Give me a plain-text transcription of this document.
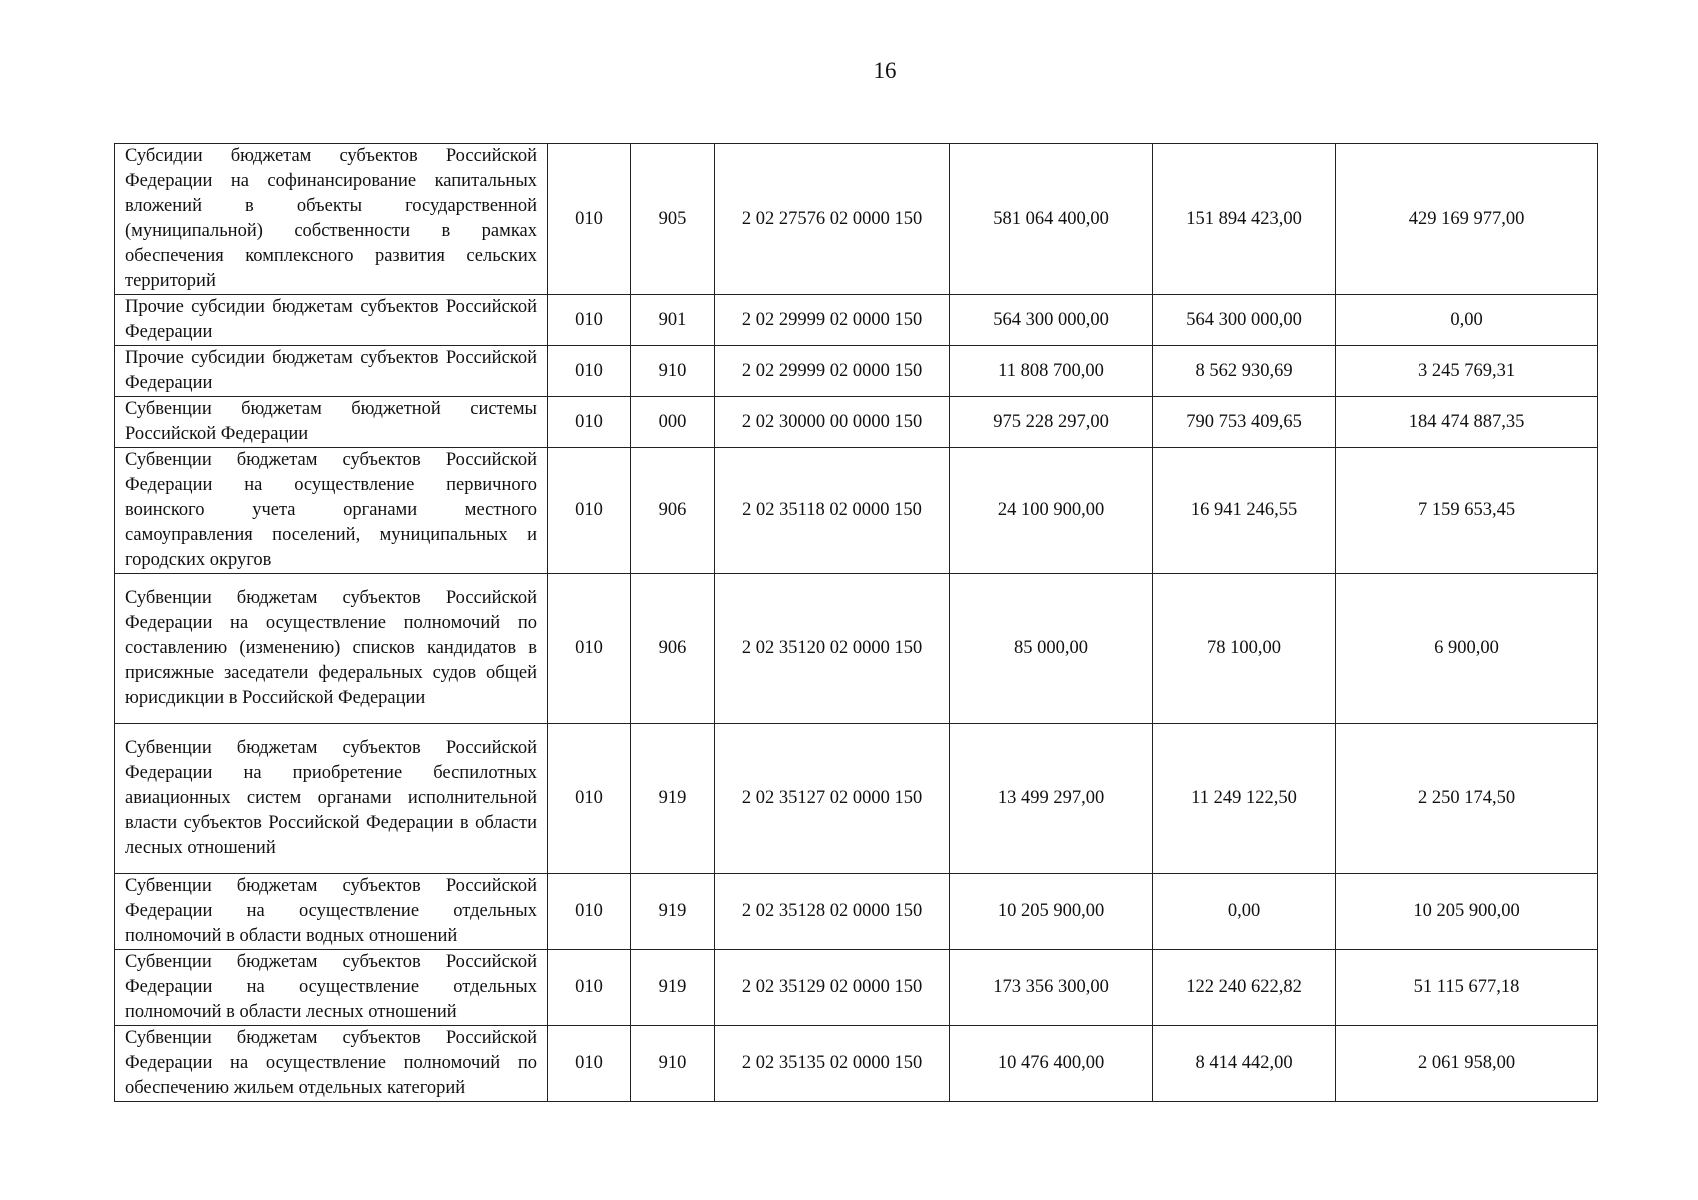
16
Субсидии бюджетам субъектов Российской Федерации на софинансирование капитальных вложений в объекты государственной (муниципальной) собственности в рамках обеспечения комплексного развития сельских территорий	010	905	2 02 27576 02 0000 150	581 064 400,00	151 894 423,00	429 169 977,00
Прочие субсидии бюджетам субъектов Российской Федерации	010	901	2 02 29999 02 0000 150	564 300 000,00	564 300 000,00	0,00
Прочие субсидии бюджетам субъектов Российской Федерации	010	910	2 02 29999 02 0000 150	11 808 700,00	8 562 930,69	3 245 769,31
Субвенции бюджетам бюджетной системы Российской Федерации	010	000	2 02 30000 00 0000 150	975 228 297,00	790 753 409,65	184 474 887,35
Субвенции бюджетам субъектов Российской Федерации на осуществление первичного воинского учета органами местного самоуправления поселений, муниципальных и городских округов	010	906	2 02 35118 02 0000 150	24 100 900,00	16 941 246,55	7 159 653,45
Субвенции бюджетам субъектов Российской Федерации на осуществление полномочий по составлению (изменению) списков кандидатов в присяжные заседатели федеральных судов общей юрисдикции в Российской Федерации	010	906	2 02 35120 02 0000 150	85 000,00	78 100,00	6 900,00
Субвенции бюджетам субъектов Российской Федерации на приобретение беспилотных авиационных систем органами исполнительной власти субъектов Российской Федерации в области лесных отношений	010	919	2 02 35127 02 0000 150	13 499 297,00	11 249 122,50	2 250 174,50
Субвенции бюджетам субъектов Российской Федерации на осуществление отдельных полномочий в области водных отношений	010	919	2 02 35128 02 0000 150	10 205 900,00	0,00	10 205 900,00
Субвенции бюджетам субъектов Российской Федерации на осуществление отдельных полномочий в области лесных отношений	010	919	2 02 35129 02 0000 150	173 356 300,00	122 240 622,82	51 115 677,18
Субвенции бюджетам субъектов Российской Федерации на осуществление полномочий по обеспечению жильем отдельных категорий	010	910	2 02 35135 02 0000 150	10 476 400,00	8 414 442,00	2 061 958,00
